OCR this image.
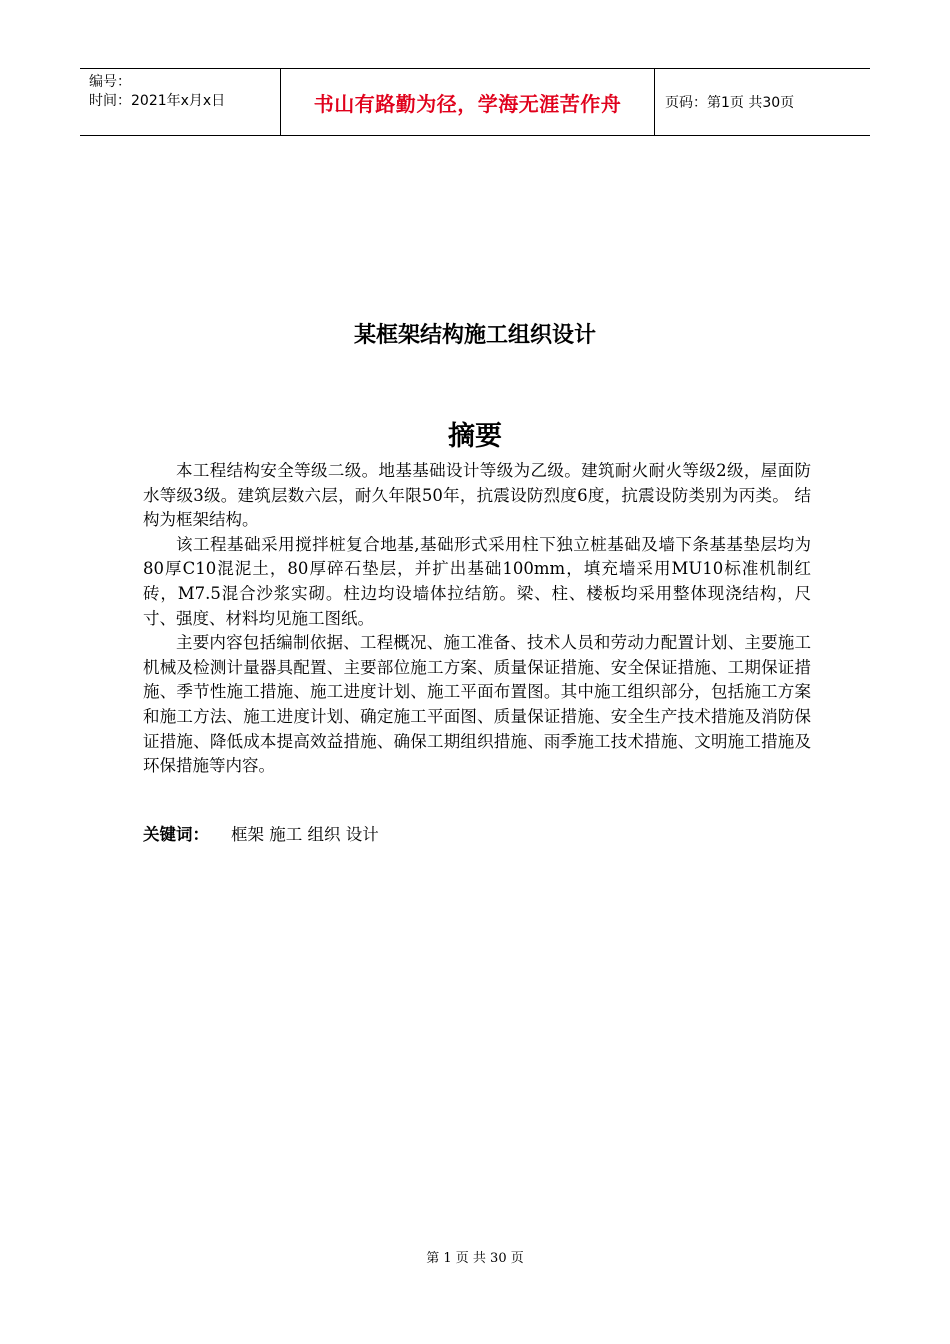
编号：
时间：2021年x月x日	书山有路勤为径，学海无涯苦作舟	页码：第1页 共30页
某框架结构施工组织设计
摘要

本工程结构安全等级二级。地基基础设计等级为乙级。建筑耐火耐火等级2级，屋面防水等级3级。建筑层数六层，耐久年限50年，抗震设防烈度6度，抗震设防类别为丙类。 结构为框架结构。

该工程基础采用搅拌桩复合地基,基础形式采用柱下独立桩基础及墙下条基基垫层均为80厚C10混泥土，80厚碎石垫层，并扩出基础100mm，填充墙采用MU10标准机制红砖，M7.5混合沙浆实砌。柱边均设墙体拉结筋。梁、柱、楼板均采用整体现浇结构，尺寸、强度、材料均见施工图纸。

主要内容包括编制依据、工程概况、施工准备、技术人员和劳动力配置计划、主要施工机械及检测计量器具配置、主要部位施工方案、质量保证措施、安全保证措施、工期保证措施、季节性施工措施、施工进度计划、施工平面布置图。其中施工组织部分，包括施工方案和施工方法、施工进度计划、确定施工平面图、质量保证措施、安全生产技术措施及消防保证措施、降低成本提高效益措施、确保工期组织措施、雨季施工技术措施、文明施工措施及环保措施等内容。

关键词： 框架 施工 组织 设计
第 1 页 共 30 页
